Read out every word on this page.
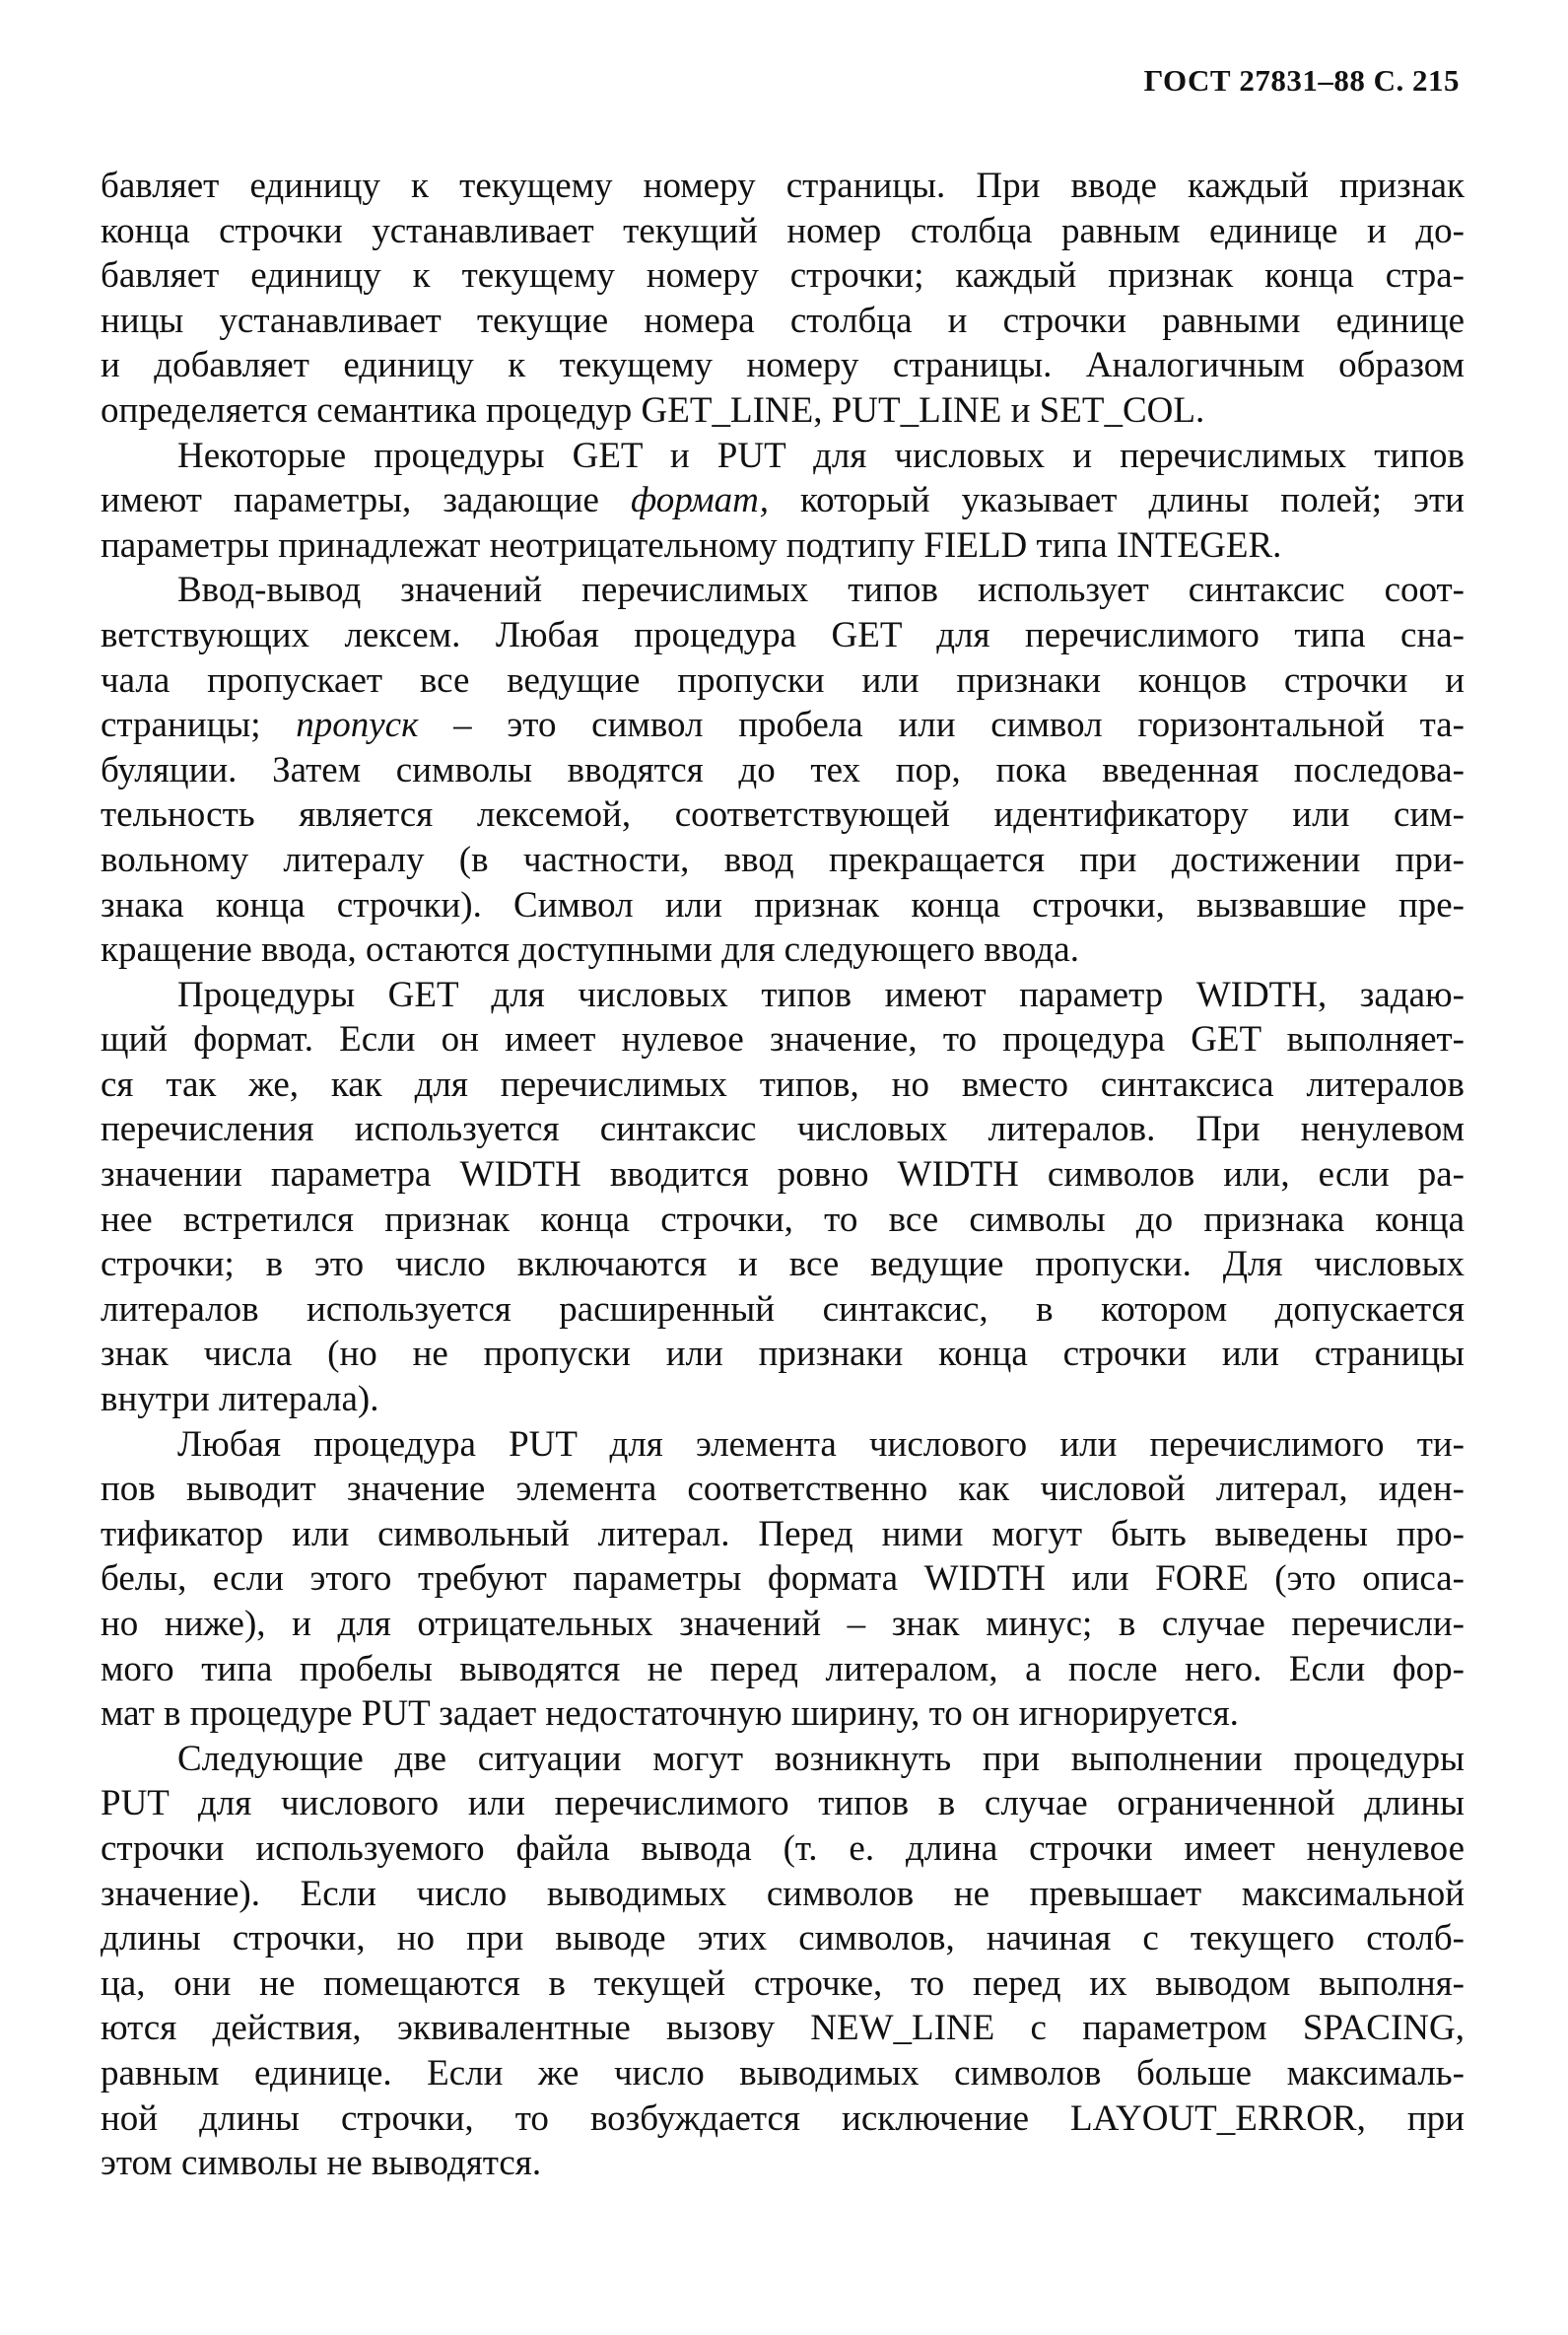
ГОСТ 27831–88 С. 215
бавляет единицу к текущему номеру страницы. При вводе каждый признак
конца строчки устанавливает текущий номер столбца равным единице и до-
бавляет единицу к текущему номеру строчки; каждый признак конца стра-
ницы устанавливает текущие номера столбца и строчки равными единице
и добавляет единицу к текущему номеру страницы. Аналогичным образом
определяется семантика процедур GET_LINE, PUT_LINE и SET_COL.
Некоторые процедуры GET и PUT для числовых и перечислимых типов
имеют параметры, задающие формат, который указывает длины полей; эти
параметры принадлежат неотрицательному подтипу FIELD типа INTEGER.
Ввод-вывод значений перечислимых типов использует синтаксис соот-
ветствующих лексем. Любая процедура GET для перечислимого типа сна-
чала пропускает все ведущие пропуски или признаки концов строчки и
страницы; пропуск – это символ пробела или символ горизонтальной та-
буляции. Затем символы вводятся до тех пор, пока введенная последова-
тельность является лексемой, соответствующей идентификатору или сим-
вольному литералу (в частности, ввод прекращается при достижении при-
знака конца строчки). Символ или признак конца строчки, вызвавшие пре-
кращение ввода, остаются доступными для следующего ввода.
Процедуры GET для числовых типов имеют параметр WIDTH, задаю-
щий формат. Если он имеет нулевое значение, то процедура GET выполняет-
ся так же, как для перечислимых типов, но вместо синтаксиса литералов
перечисления используется синтаксис числовых литералов. При ненулевом
значении параметра WIDTH вводится ровно WIDTH символов или, если ра-
нее встретился признак конца строчки, то все символы до признака конца
строчки; в это число включаются и все ведущие пропуски. Для числовых
литералов используется расширенный синтаксис, в котором допускается
знак числа (но не пропуски или признаки конца строчки или страницы
внутри литерала).
Любая процедура PUT для элемента числового или перечислимого ти-
пов выводит значение элемента соответственно как числовой литерал, иден-
тификатор или символьный литерал. Перед ними могут быть выведены про-
белы, если этого требуют параметры формата WIDTH или FORE (это описа-
но ниже), и для отрицательных значений – знак минус; в случае перечисли-
мого типа пробелы выводятся не перед литералом, а после него. Если фор-
мат в процедуре PUT задает недостаточную ширину, то он игнорируется.
Следующие две ситуации могут возникнуть при выполнении процедуры
PUT для числового или перечислимого типов в случае ограниченной длины
строчки используемого файла вывода (т. е. длина строчки имеет ненулевое
значение). Если число выводимых символов не превышает максимальной
длины строчки, но при выводе этих символов, начиная с текущего столб-
ца, они не помещаются в текущей строчке, то перед их выводом выполня-
ются действия, эквивалентные вызову NEW_LINE с параметром SPACING,
равным единице. Если же число выводимых символов больше максималь-
ной длины строчки, то возбуждается исключение LAYOUT_ERROR, при
этом символы не выводятся.
